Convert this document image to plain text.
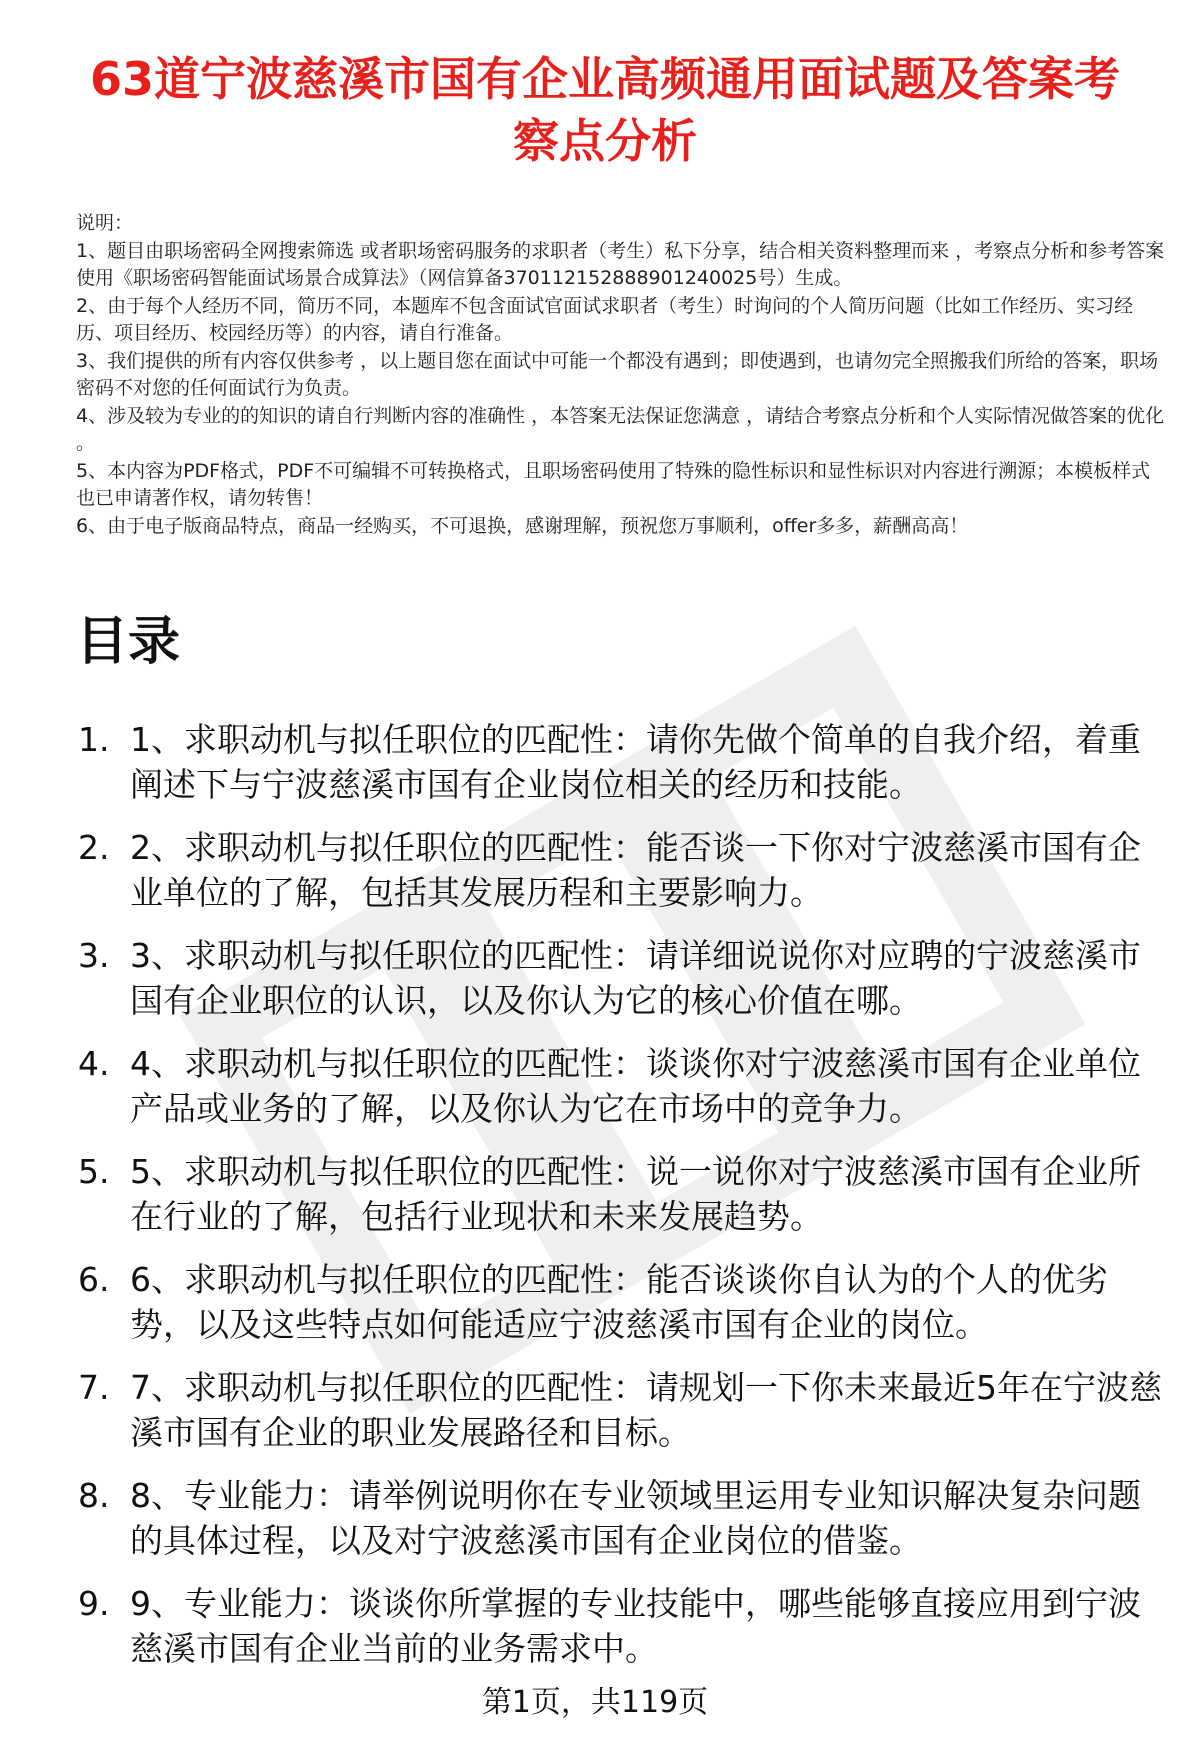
63道宁波慈溪市国有企业高频通用面试题及答案考察点分析
说明：
1、题目由职场密码全网搜索筛选 或者职场密码服务的求职者（考生）私下分享，结合相关资料整理而来 ，考察点分析和参考答案使用《职场密码智能面试场景合成算法》（网信算备370112152888901240025号）生成。
2、由于每个人经历不同，简历不同，本题库不包含面试官面试求职者（考生）时询问的个人简历问题（比如工作经历、实习经历、项目经历、校园经历等）的内容，请自行准备。
3、我们提供的所有内容仅供参考 ，以上题目您在面试中可能一个都没有遇到；即使遇到，也请勿完全照搬我们所给的答案，职场密码不对您的任何面试行为负责。
4、涉及较为专业的的知识的请自行判断内容的准确性 ，本答案无法保证您满意 ，请结合考察点分析和个人实际情况做答案的优化 。
5、本内容为PDF格式，PDF不可编辑不可转换格式，且职场密码使用了特殊的隐性标识和显性标识对内容进行溯源；本模板样式也已申请著作权，请勿转售！
6、由于电子版商品特点，商品一经购买，不可退换，感谢理解，预祝您万事顺利，offer多多，薪酬高高！
目录
1. 1、求职动机与拟任职位的匹配性：请你先做个简单的自我介绍，着重阐述下与宁波慈溪市国有企业岗位相关的经历和技能。
2. 2、求职动机与拟任职位的匹配性：能否谈一下你对宁波慈溪市国有企业单位的了解，包括其发展历程和主要影响力。
3. 3、求职动机与拟任职位的匹配性：请详细说说你对应聘的宁波慈溪市国有企业职位的认识，以及你认为它的核心价值在哪。
4. 4、求职动机与拟任职位的匹配性：谈谈你对宁波慈溪市国有企业单位产品或业务的了解，以及你认为它在市场中的竞争力。
5. 5、求职动机与拟任职位的匹配性：说一说你对宁波慈溪市国有企业所在行业的了解，包括行业现状和未来发展趋势。
6. 6、求职动机与拟任职位的匹配性：能否谈谈你自认为的个人的优劣势，以及这些特点如何能适应宁波慈溪市国有企业的岗位。
7. 7、求职动机与拟任职位的匹配性：请规划一下你未来最近5年在宁波慈溪市国有企业的职业发展路径和目标。
8. 8、专业能力：请举例说明你在专业领域里运用专业知识解决复杂问题的具体过程，以及对宁波慈溪市国有企业岗位的借鉴。
9. 9、专业能力：谈谈你所掌握的专业技能中，哪些能够直接应用到宁波慈溪市国有企业当前的业务需求中。
第1页，共119页
